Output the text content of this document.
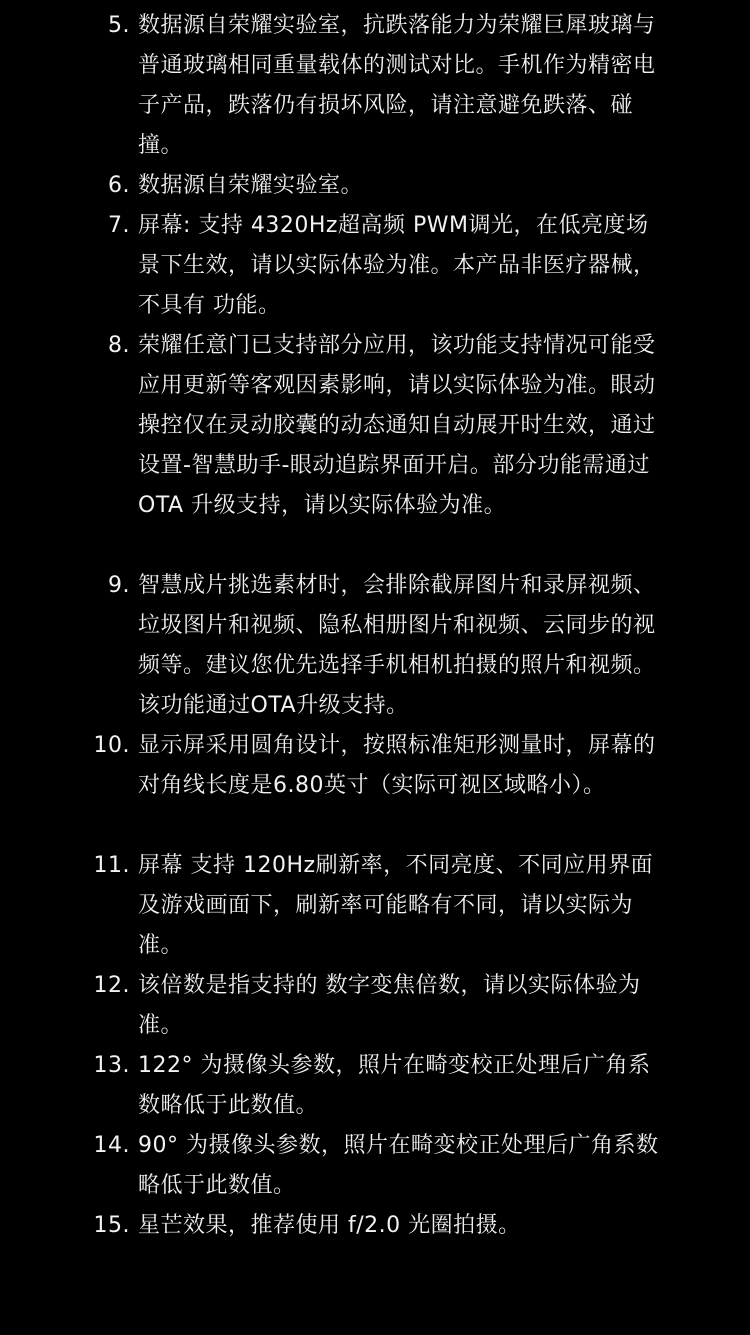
5. 数据源自荣耀实验室，抗跌落能力为荣耀巨犀玻璃与普通玻璃相同重量载体的测试对比。手机作为精密电子产品，跌落仍有损坏风险，请注意避免跌落、碰撞。
6. 数据源自荣耀实验室。
7. 屏幕: 支持 4320Hz超高频 PWM调光，在低亮度场景下生效，请以实际体验为准。本产品非医疗器械，不具有 功能。
8. 荣耀任意门已支持部分应用，该功能支持情况可能受应用更新等客观因素影响，请以实际体验为准。眼动操控仅在灵动胶囊的动态通知自动展开时生效，通过设置-智慧助手-眼动追踪界面开启。部分功能需通过 OTA 升级支持，请以实际体验为准。
9. 智慧成片挑选素材时，会排除截屏图片和录屏视频、垃圾图片和视频、隐私相册图片和视频、云同步的视频等。建议您优先选择手机相机拍摄的照片和视频。该功能通过OTA升级支持。
10. 显示屏采用圆角设计，按照标准矩形测量时，屏幕的对角线长度是6.80英寸（实际可视区域略小）。
11. 屏幕 支持 120Hz刷新率，不同亮度、不同应用界面及游戏画面下，刷新率可能略有不同，请以实际为准。
12. 该倍数是指支持的 数字变焦倍数，请以实际体验为准。
13. 122° 为摄像头参数，照片在畸变校正处理后广角系数略低于此数值。
14. 90° 为摄像头参数，照片在畸变校正处理后广角系数略低于此数值。
15. 星芒效果，推荐使用 f/2.0 光圈拍摄。
